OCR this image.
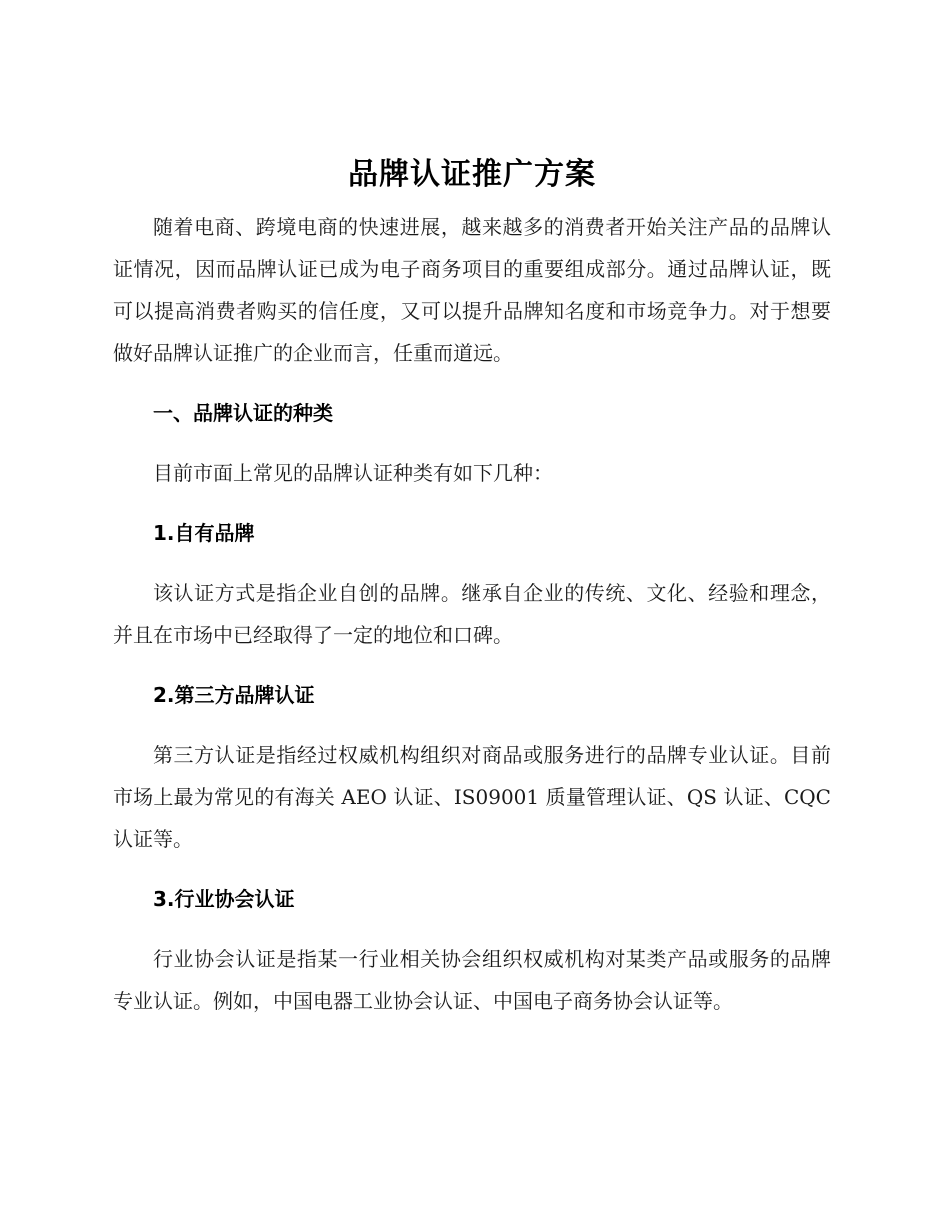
品牌认证推广方案

随着电商、跨境电商的快速进展，越来越多的消费者开始关注产品的品牌认证情况，因而品牌认证已成为电子商务项目的重要组成部分。通过品牌认证，既可以提高消费者购买的信任度，又可以提升品牌知名度和市场竞争力。对于想要做好品牌认证推广的企业而言，任重而道远。

一、品牌认证的种类

目前市面上常见的品牌认证种类有如下几种：

1.自有品牌

该认证方式是指企业自创的品牌。继承自企业的传统、文化、经验和理念，并且在市场中已经取得了一定的地位和口碑。

2.第三方品牌认证

第三方认证是指经过权威机构组织对商品或服务进行的品牌专业认证。目前市场上最为常见的有海关 AEO 认证、IS09001 质量管理认证、QS 认证、CQC 认证等。

3.行业协会认证

行业协会认证是指某一行业相关协会组织权威机构对某类产品或服务的品牌专业认证。例如，中国电器工业协会认证、中国电子商务协会认证等。
